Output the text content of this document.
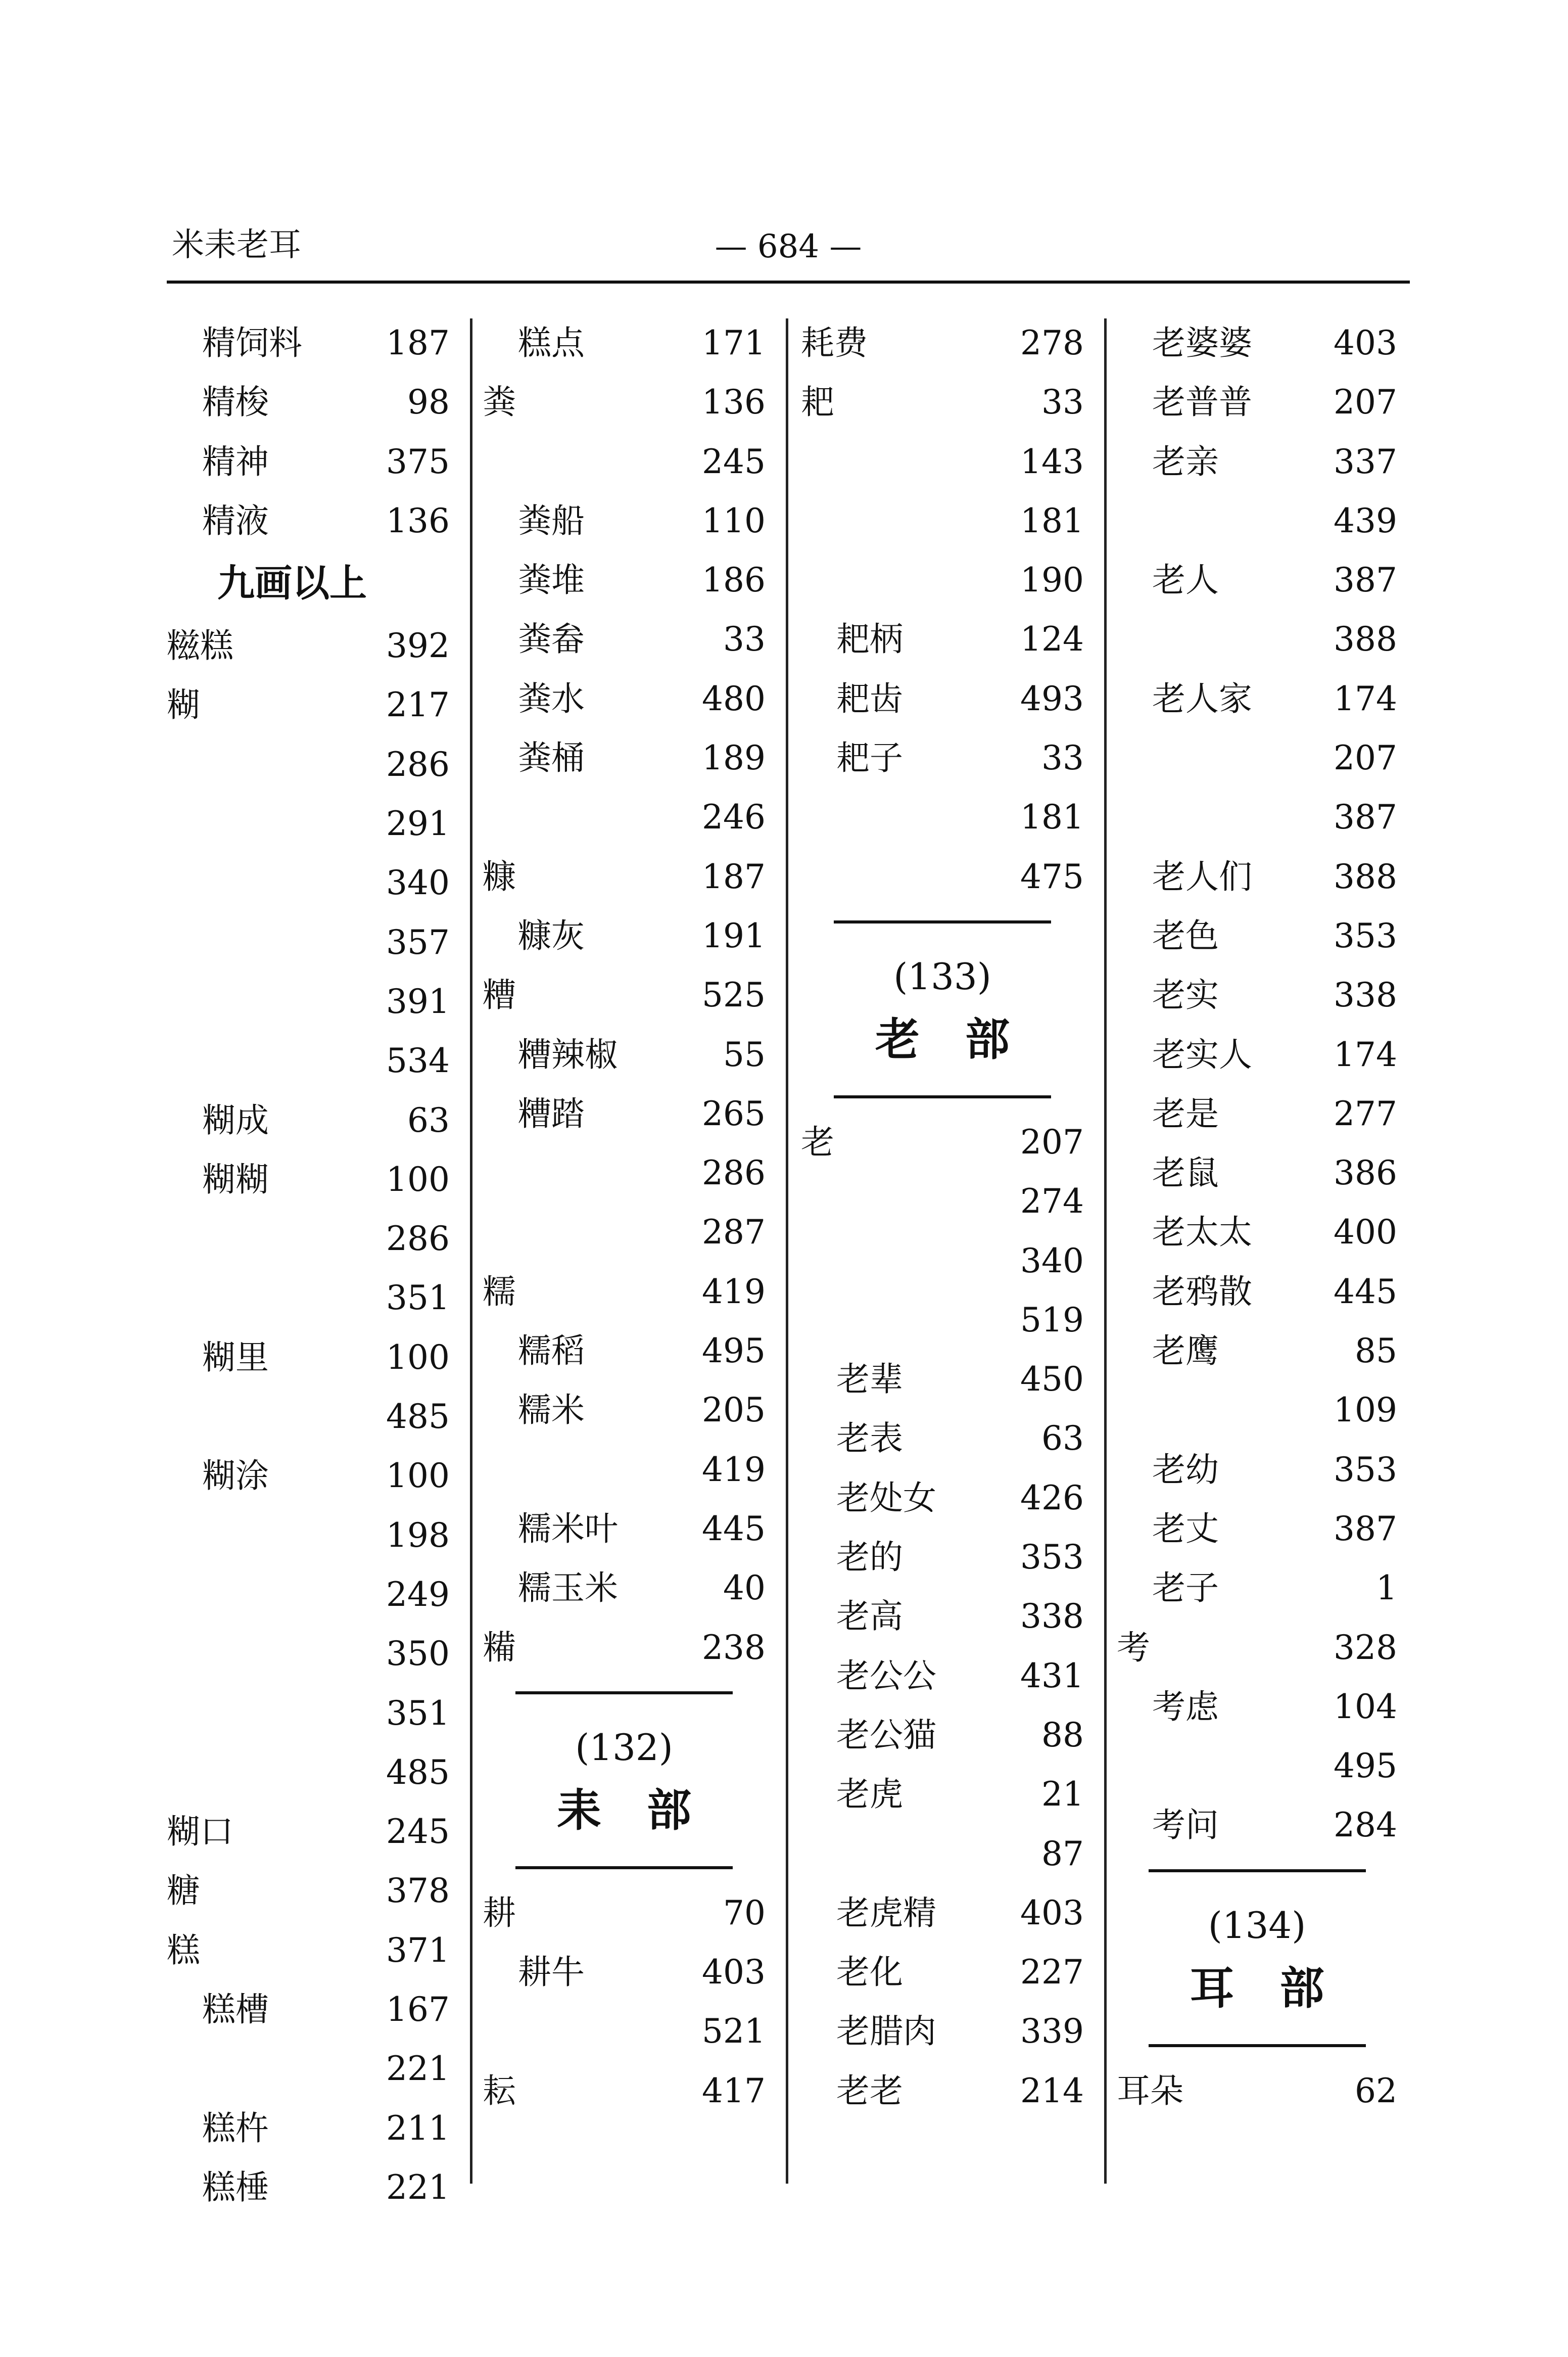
米耒老耳	— 684 —
精饲料	187
精梭	98
精神	375
精液	136
九画以上
糍糕	392
糊	217
286
291
340
357
391
534
糊成	63
糊糊	100
286
351
糊里	100
485
糊涂	100
198
249
350
351
485
糊口	245
糖	378
糕	371
糕槽	167
221
糕杵	211
糕棰	221
糕点	171
粪	136
245
粪船	110
粪堆	186
粪畚	33
粪水	480
粪桶	189
246
糠	187
糠灰	191
糟	525
糟辣椒	55
糟踏	265
286
287
糯	419
糯稻	495
糯米	205
419
糯米叶	445
糯玉米	40
糒	238
(132)
耒部
耕	70
耕牛	403
521
耘	417
耗费	278
耙	33
143
181
190
耙柄	124
耙齿	493
耙子	33
181
475
(133)
老部
老	207
274
340
519
老辈	450
老表	63
老处女	426
老的	353
老高	338
老公公	431
老公猫	88
老虎	21
87
老虎精	403
老化	227
老腊肉	339
老老	214
老婆婆 403
老普普 207
老亲	337
439
老人	387
388
老人家 174
207
387
老人们 388
老色	353
老实	338
老实人 174
老是	277
老鼠	386
老太太 400
老鸦散 445
老鹰	85
109
老幼	353
老丈	387
老子	1
考	328
考虑	104
495
考问	284
(134)
耳部
耳朵	62
